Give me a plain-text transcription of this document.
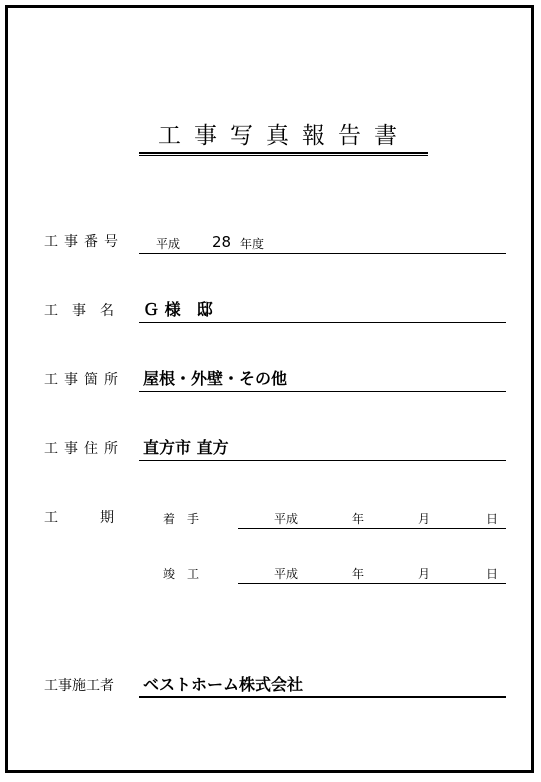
工事写真報告書
工事番号	平成 28 年度
工　事　名 Ｇ 様　邸
工事箇所 屋根・外壁・その他
工事住所 直方市 直方
工　　　期	着　手	平成	年	月	日
竣　工	平成	年	月	日
工事施工者 ベストホーム株式会社
